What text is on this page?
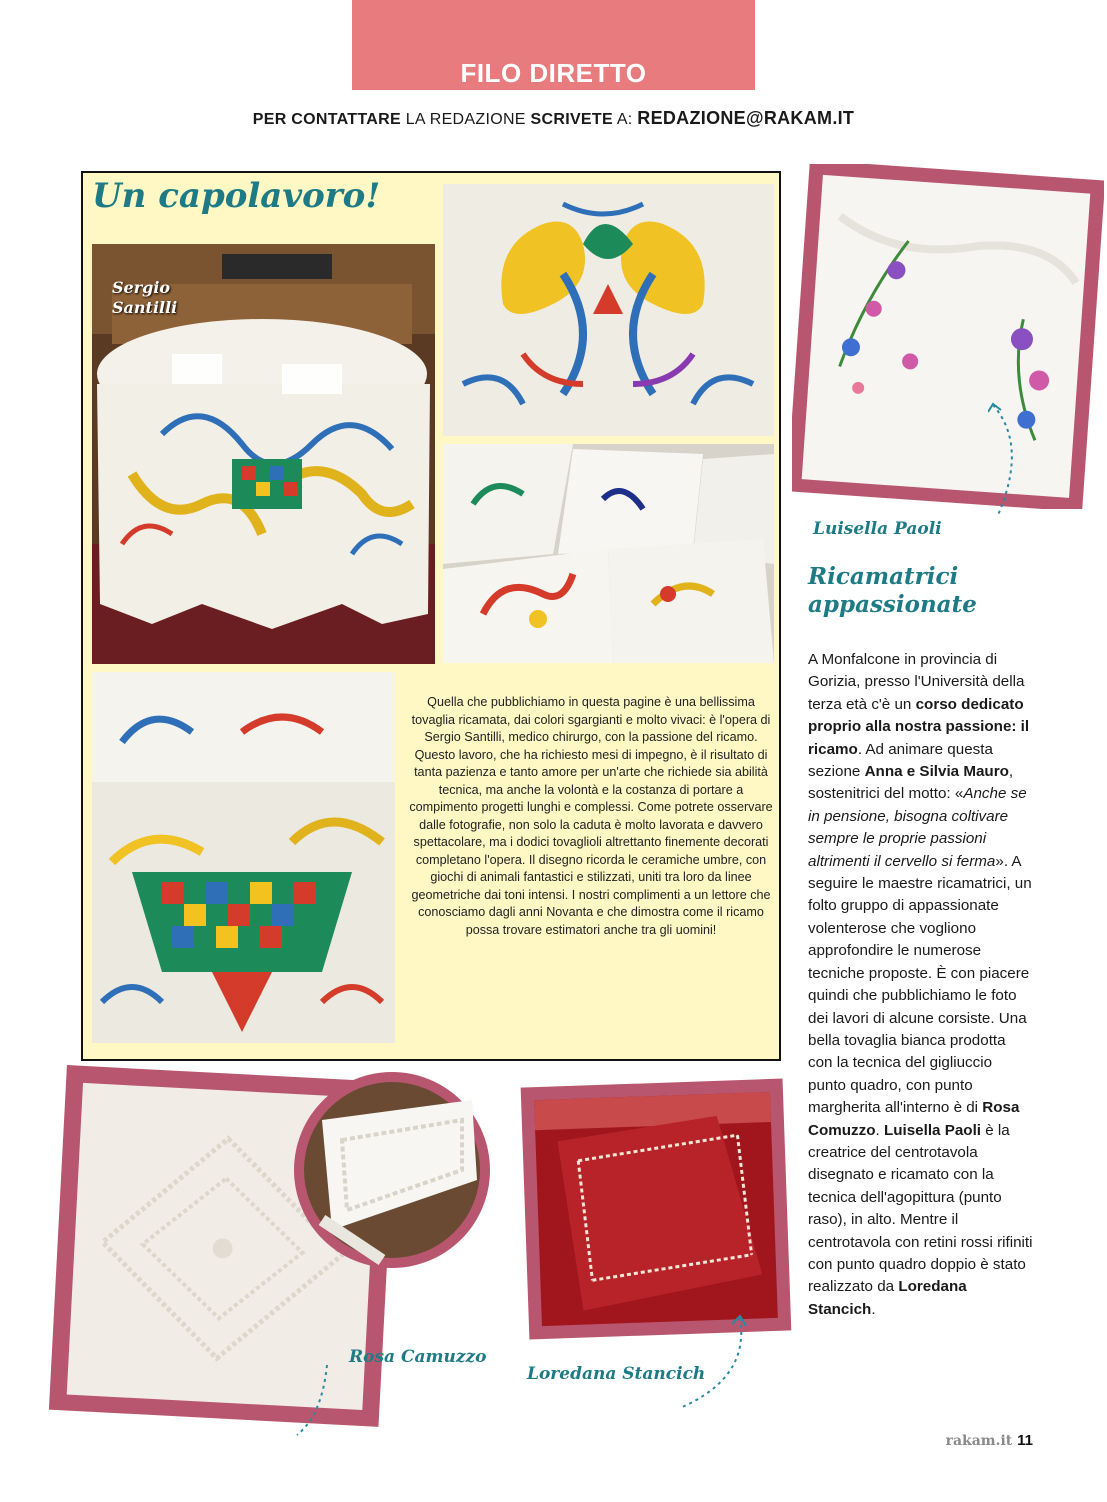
FILO DIRETTO
PER CONTATTARE LA REDAZIONE SCRIVETE A: REDAZIONE@RAKAM.IT
Un capolavoro!
Sergio Santilli
Quella che pubblichiamo in questa pagine è una bellissima tovaglia ricamata, dai colori sgargianti e molto vivaci: è l'opera di Sergio Santilli, medico chirurgo, con la passione del ricamo. Questo lavoro, che ha richiesto mesi di impegno, è il risultato di tanta pazienza e tanto amore per un'arte che richiede sia abilità tecnica, ma anche la volontà e la costanza di portare a compimento progetti lunghi e complessi. Come potrete osservare dalle fotografie, non solo la caduta è molto lavorata e davvero spettacolare, ma i dodici tovaglioli altrettanto finemente decorati completano l'opera. Il disegno ricorda le ceramiche umbre, con giochi di animali fantastici e stilizzati, uniti tra loro da linee geometriche dai toni intensi. I nostri complimenti a un lettore che conosciamo dagli anni Novanta e che dimostra come il ricamo possa trovare estimatori anche tra gli uomini!
Luisella Paoli
Ricamatrici appassionate

A Monfalcone in provincia di Gorizia, presso l'Università della terza età c'è un corso dedicato proprio alla nostra passione: il ricamo. Ad animare questa sezione Anna e Silvia Mauro, sostenitrici del motto: «Anche se in pensione, bisogna coltivare sempre le proprie passioni altrimenti il cervello si ferma». A seguire le maestre ricamatrici, un folto gruppo di appassionate volenterose che vogliono approfondire le numerose tecniche proposte. È con piacere quindi che pubblichiamo le foto dei lavori di alcune corsiste. Una bella tovaglia bianca prodotta con la tecnica del gigliuccio punto quadro, con punto margherita all'interno è di Rosa Comuzzo. Luisella Paoli è la creatrice del centrotavola disegnato e ricamato con la tecnica dell'agopittura (punto raso), in alto. Mentre il centrotavola con retini rossi rifiniti con punto quadro doppio è stato realizzato da Loredana Stancich.

Rosa Camuzzo
Loredana Stancich
rakam.it 11
